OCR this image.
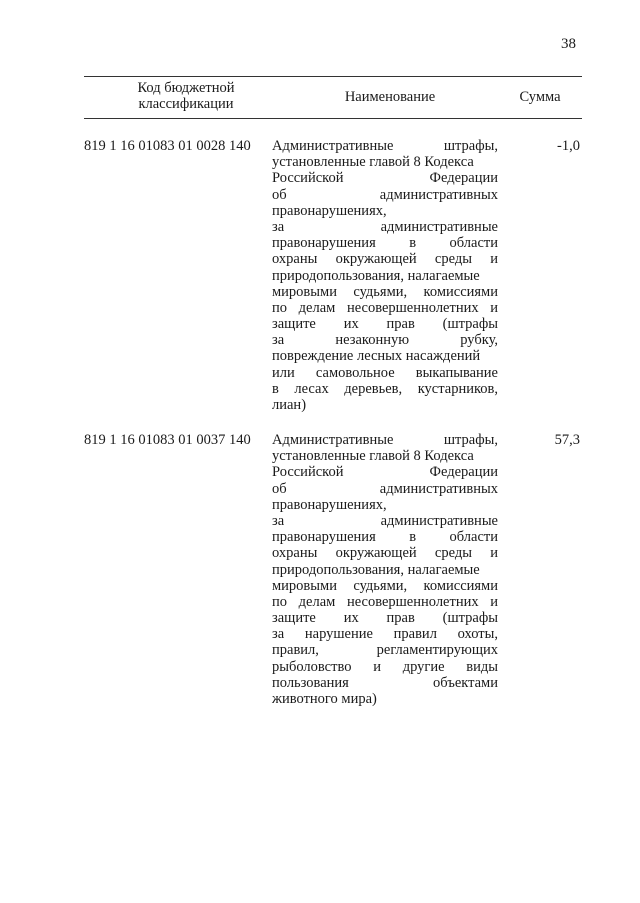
38
Код бюджетной классификации	Наименование	Сумма
819 1 16 01083 01 0028 140 Административные штрафы,
установленные главой 8 Кодекса
Российской Федерации
об административных
правонарушениях,
за административные
правонарушения в области
охраны окружающей среды и
природопользования, налагаемые
мировыми судьями, комиссиями
по делам несовершеннолетних и
защите их прав (штрафы
за незаконную рубку,
повреждение лесных насаждений
или самовольное выкапывание
в лесах деревьев, кустарников,
лиан)
-1,0
819 1 16 01083 01 0037 140 Административные штрафы,
установленные главой 8 Кодекса
Российской Федерации
об административных
правонарушениях,
за административные
правонарушения в области
охраны окружающей среды и
природопользования, налагаемые
мировыми судьями, комиссиями
по делам несовершеннолетних и
защите их прав (штрафы
за нарушение правил охоты,
правил, регламентирующих
рыболовство и другие виды
пользования объектами
животного мира)
57,3
